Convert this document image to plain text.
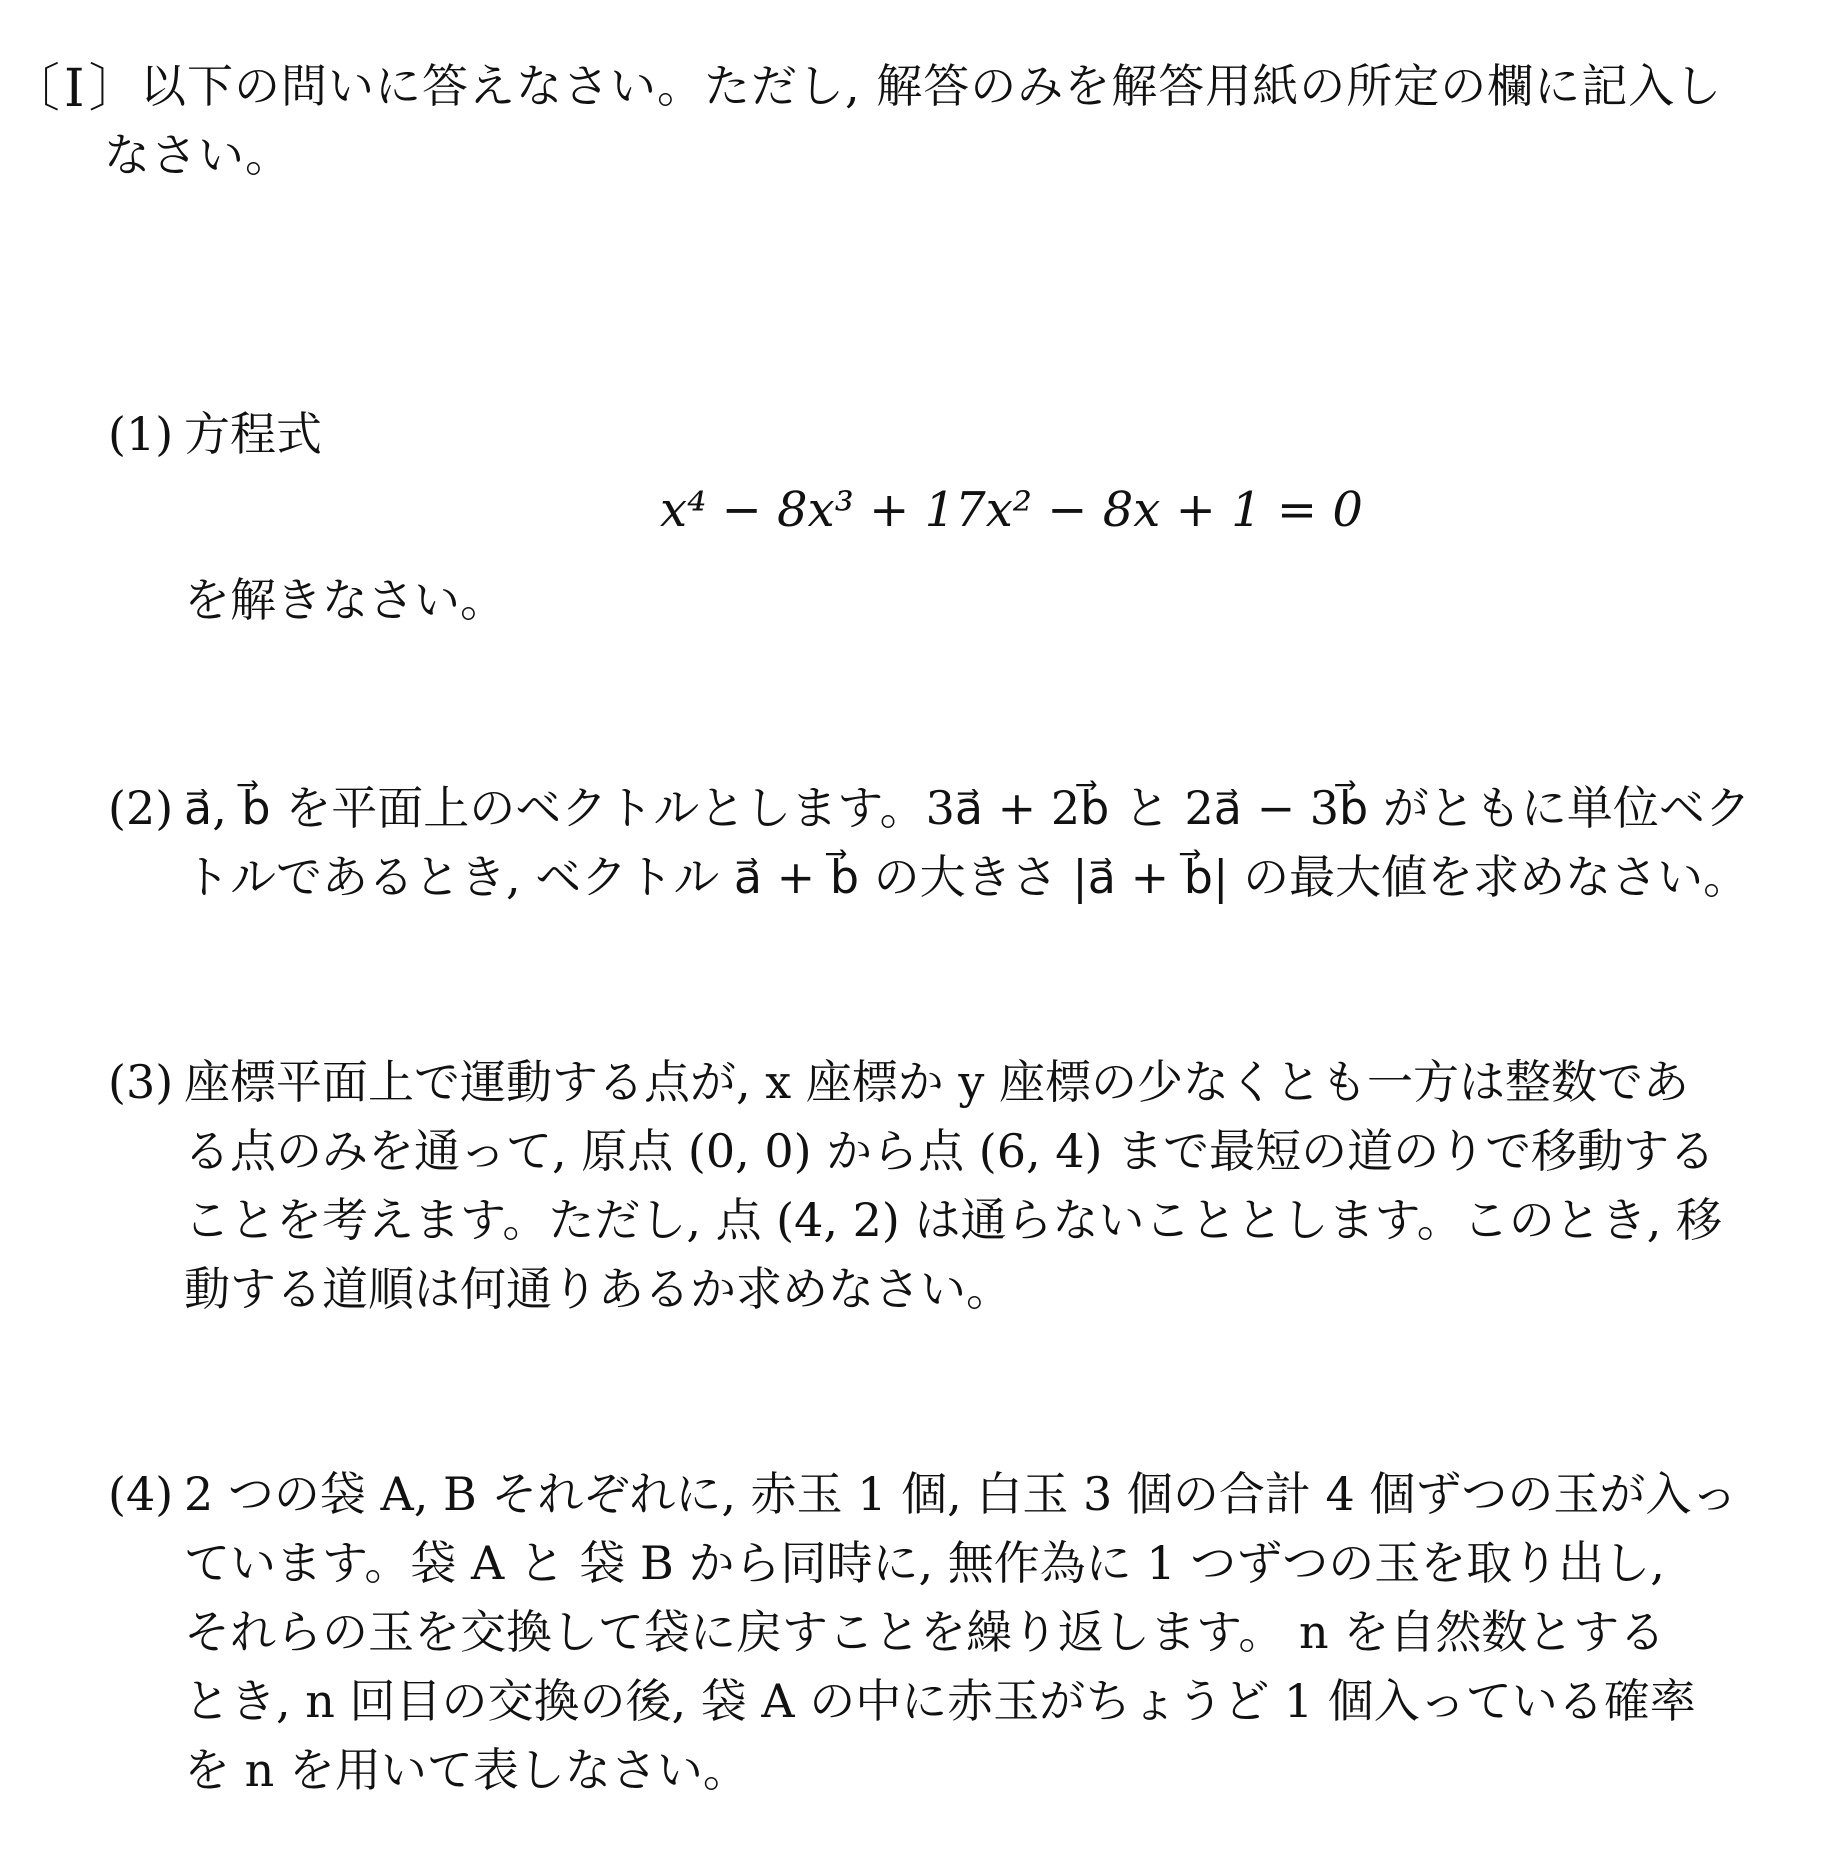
〔Ⅰ〕
以下の問いに答えなさい。ただし, 解答のみを解答用紙の所定の欄に記入し
なさい。
(1) 方程式
x⁴ − 8x³ + 17x² − 8x + 1 = 0
を解きなさい。
(2) a⃗, b⃗ を平面上のベクトルとします。3a⃗ + 2b⃗ と 2a⃗ − 3b⃗ がともに単位ベク
トルであるとき, ベクトル a⃗ + b⃗ の大きさ |a⃗ + b⃗| の最大値を求めなさい。
(3) 座標平面上で運動する点が, x 座標か y 座標の少なくとも一方は整数であ
る点のみを通って, 原点 (0, 0) から点 (6, 4) まで最短の道のりで移動する
ことを考えます。ただし, 点 (4, 2) は通らないこととします。このとき, 移
動する道順は何通りあるか求めなさい。
(4) 2 つの袋 A, B それぞれに, 赤玉 1 個, 白玉 3 個の合計 4 個ずつの玉が入っ
ています。袋 A と 袋 B から同時に, 無作為に 1 つずつの玉を取り出し,
それらの玉を交換して袋に戻すことを繰り返します。 n を自然数とする
とき, n 回目の交換の後, 袋 A の中に赤玉がちょうど 1 個入っている確率
を n を用いて表しなさい。
